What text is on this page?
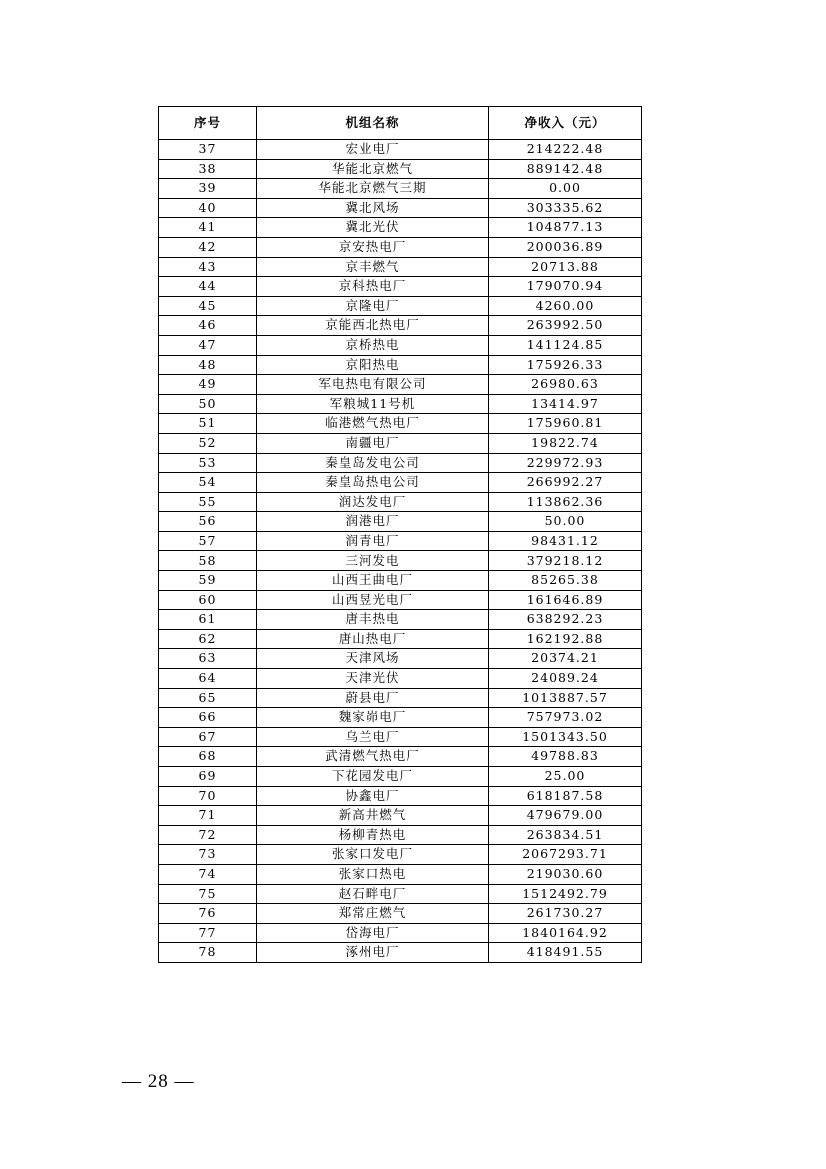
序号	机组名称	净收入（元）
37	宏业电厂	214222.48
38	华能北京燃气	889142.48
39	华能北京燃气三期	0.00
40	冀北风场	303335.62
41	冀北光伏	104877.13
42	京安热电厂	200036.89
43	京丰燃气	20713.88
44	京科热电厂	179070.94
45	京隆电厂	4260.00
46	京能西北热电厂	263992.50
47	京桥热电	141124.85
48	京阳热电	175926.33
49	军电热电有限公司	26980.63
50	军粮城11号机	13414.97
51	临港燃气热电厂	175960.81
52	南疆电厂	19822.74
53	秦皇岛发电公司	229972.93
54	秦皇岛热电公司	266992.27
55	润达发电厂	113862.36
56	润港电厂	50.00
57	润青电厂	98431.12
58	三河发电	379218.12
59	山西王曲电厂	85265.38
60	山西昱光电厂	161646.89
61	唐丰热电	638292.23
62	唐山热电厂	162192.88
63	天津风场	20374.21
64	天津光伏	24089.24
65	蔚县电厂	1013887.57
66	魏家峁电厂	757973.02
67	乌兰电厂	1501343.50
68	武清燃气热电厂	49788.83
69	下花园发电厂	25.00
70	协鑫电厂	618187.58
71	新高井燃气	479679.00
72	杨柳青热电	263834.51
73	张家口发电厂	2067293.71
74	张家口热电	219030.60
75	赵石畔电厂	1512492.79
76	郑常庄燃气	261730.27
77	岱海电厂	1840164.92
78	涿州电厂	418491.55
— 28 —
